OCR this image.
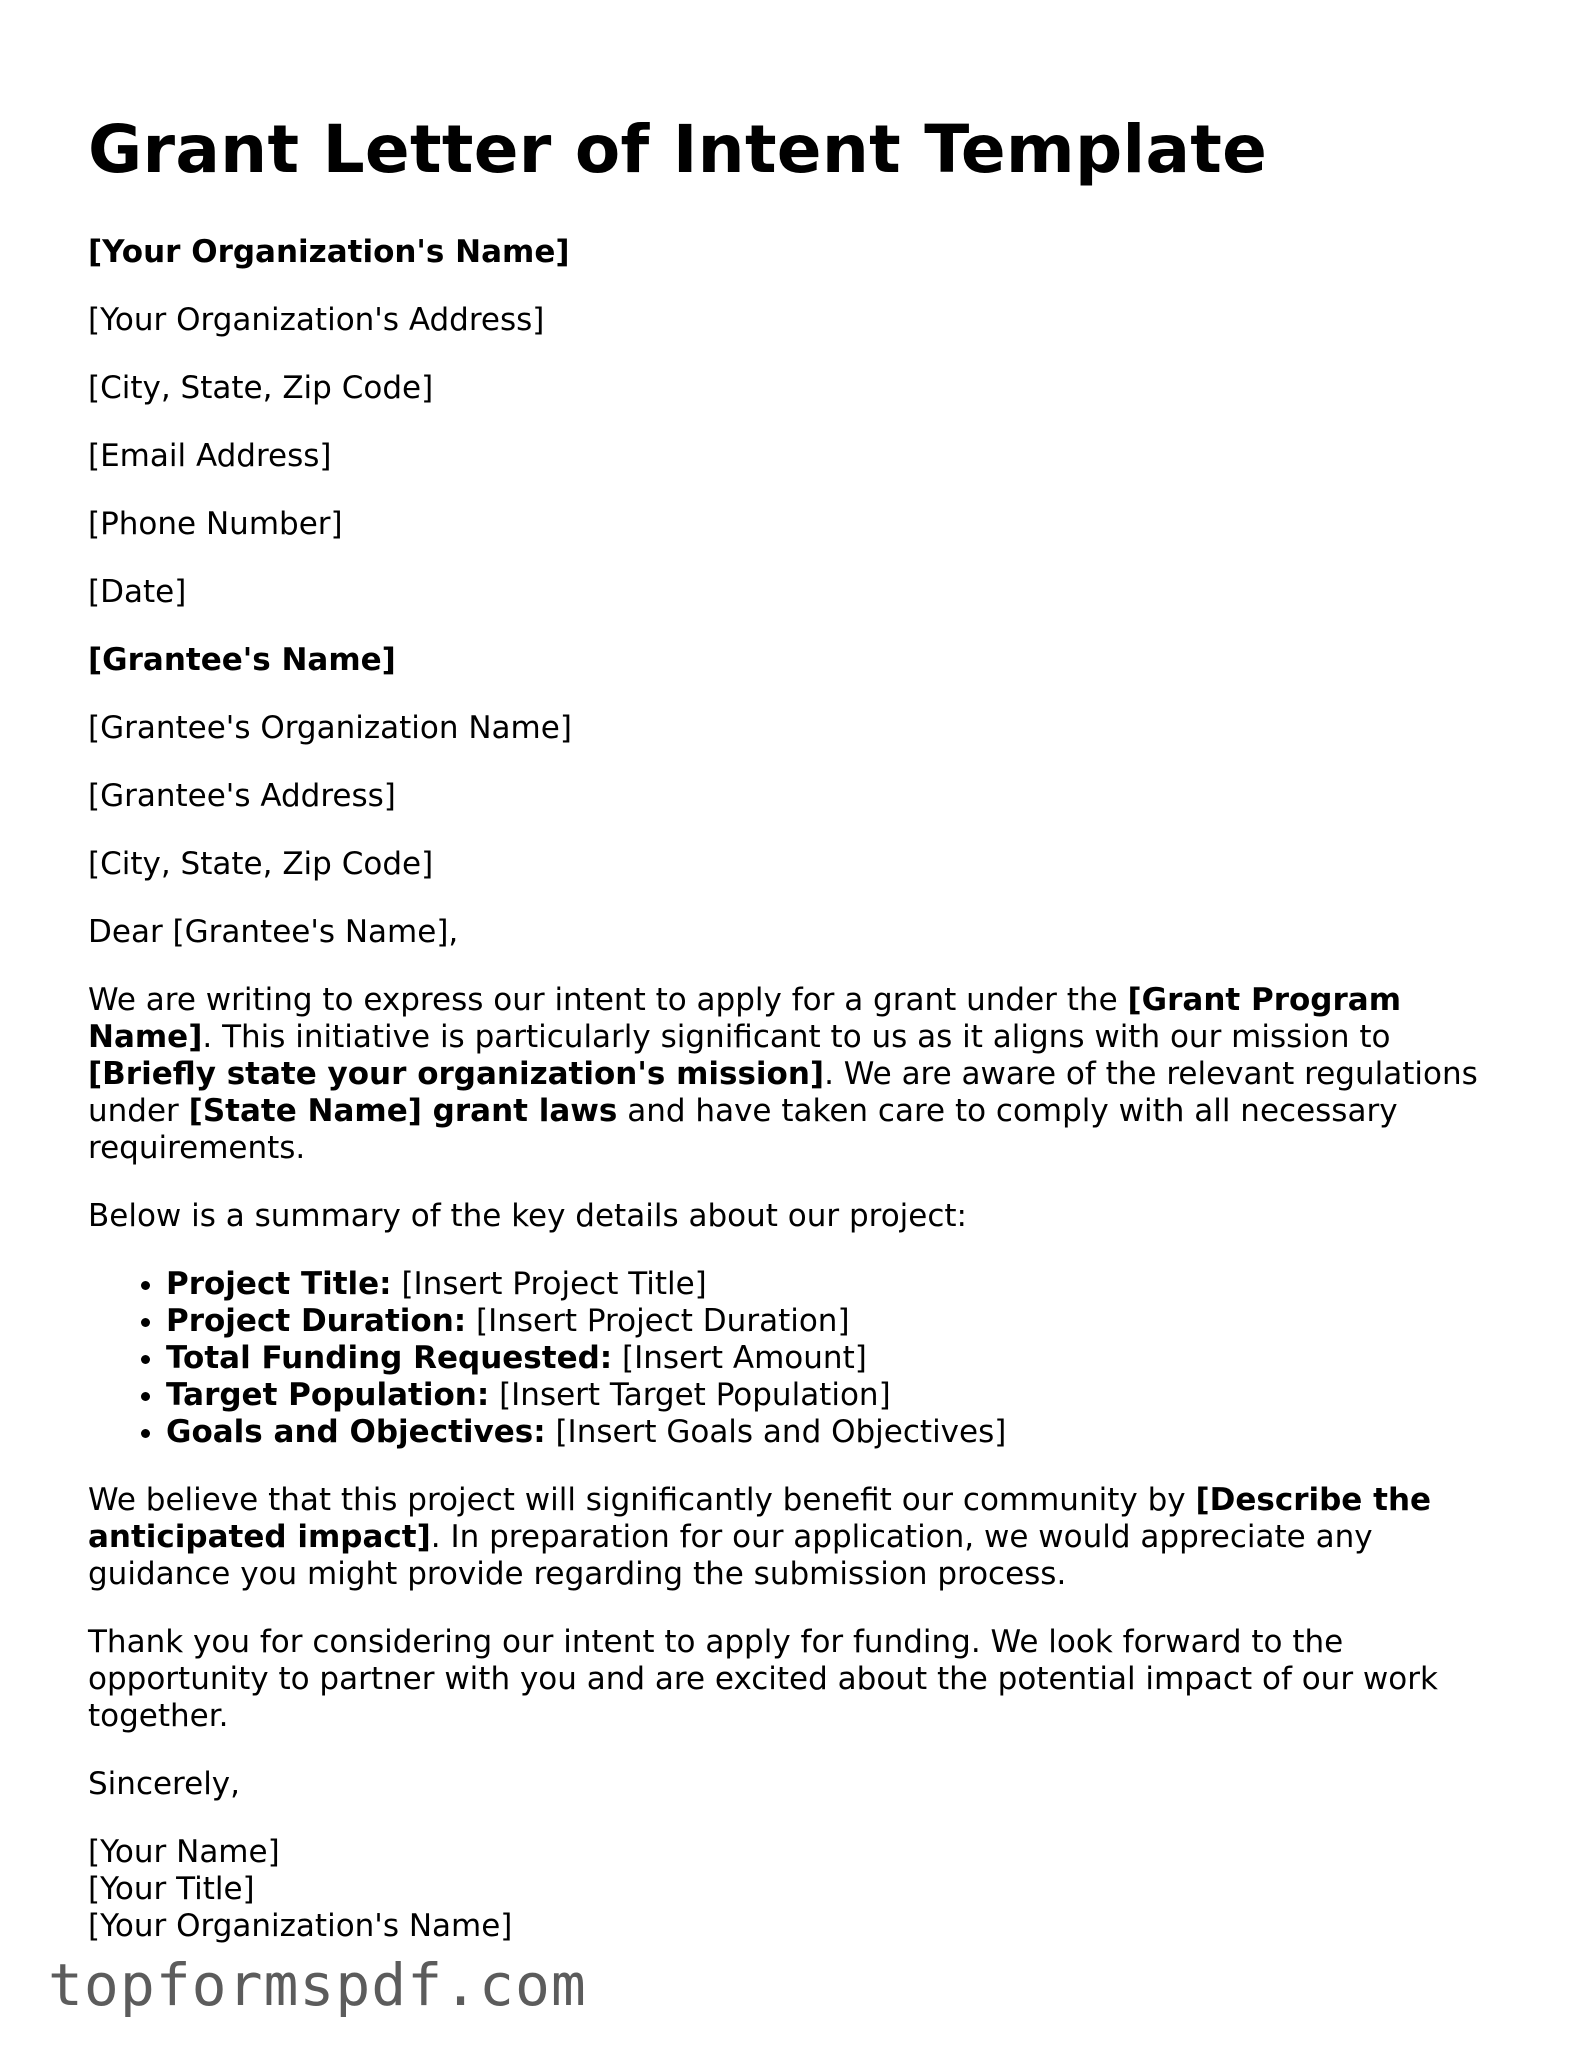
Grant Letter of Intent Template

[Your Organization's Name]

[Your Organization's Address]

[City, State, Zip Code]

[Email Address]

[Phone Number]

[Date]

[Grantee's Name]

[Grantee's Organization Name]

[Grantee's Address]

[City, State, Zip Code]

Dear [Grantee's Name],

We are writing to express our intent to apply for a grant under the [Grant Program Name]. This initiative is particularly significant to us as it aligns with our mission to [Briefly state your organization's mission]. We are aware of the relevant regulations under [State Name] grant laws and have taken care to comply with all necessary requirements.

Below is a summary of the key details about our project:

• Project Title: [Insert Project Title]
• Project Duration: [Insert Project Duration]
• Total Funding Requested: [Insert Amount]
• Target Population: [Insert Target Population]
• Goals and Objectives: [Insert Goals and Objectives]

We believe that this project will significantly benefit our community by [Describe the anticipated impact]. In preparation for our application, we would appreciate any guidance you might provide regarding the submission process.

Thank you for considering our intent to apply for funding. We look forward to the opportunity to partner with you and are excited about the potential impact of our work together.

Sincerely,

[Your Name]

[Your Title]

[Your Organization's Name]

topformspdf.com
